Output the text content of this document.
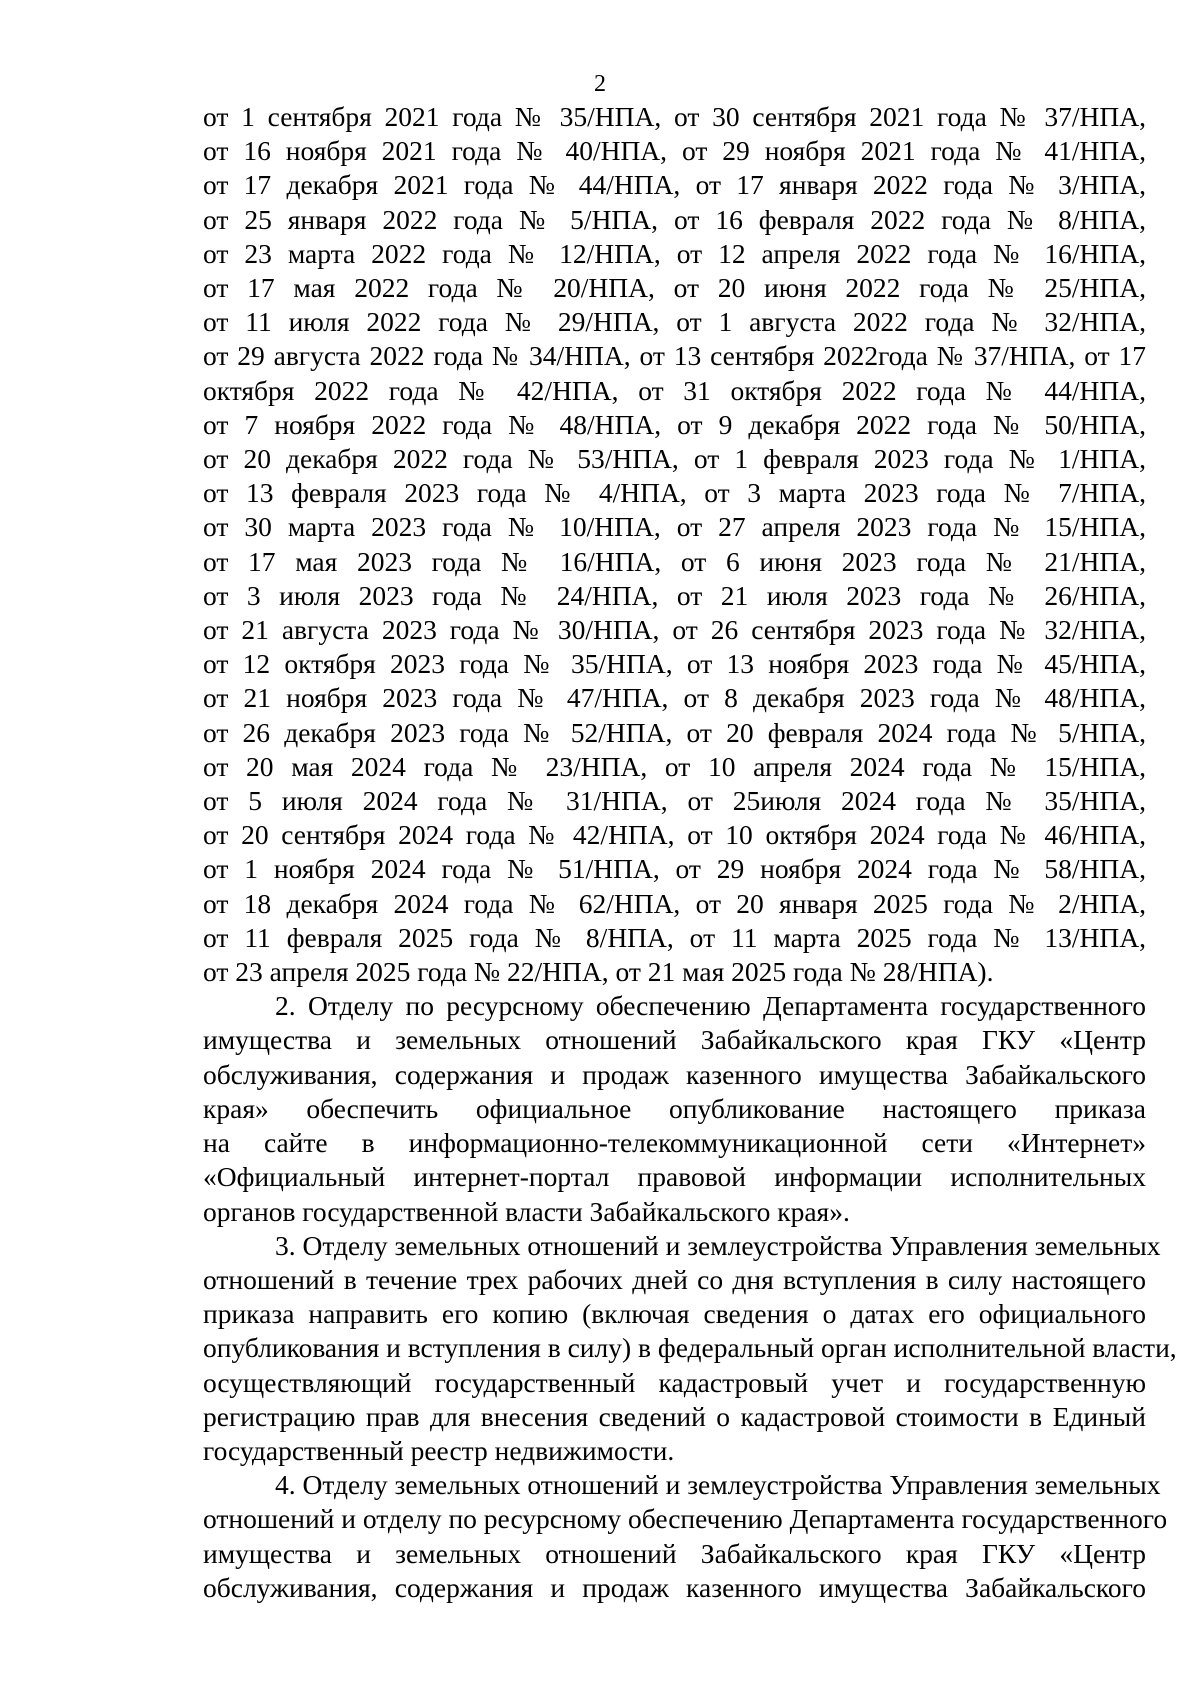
2
от 1 сентября 2021 года № 35/НПА, от 30 сентября 2021 года № 37/НПА,
от 16 ноября 2021 года № 40/НПА, от 29 ноября 2021 года № 41/НПА,
от 17 декабря 2021 года № 44/НПА, от 17 января 2022 года № 3/НПА,
от 25 января 2022 года № 5/НПА, от 16 февраля 2022 года № 8/НПА,
от 23 марта 2022 года № 12/НПА, от 12 апреля 2022 года № 16/НПА,
от 17 мая 2022 года № 20/НПА, от 20 июня 2022 года № 25/НПА,
от 11 июля 2022 года № 29/НПА, от 1 августа 2022 года № 32/НПА,
от 29 августа 2022 года № 34/НПА, от 13 сентября 2022года № 37/НПА, от 17
октября 2022 года № 42/НПА, от 31 октября 2022 года № 44/НПА,
от 7 ноября 2022 года № 48/НПА, от 9 декабря 2022 года № 50/НПА,
от 20 декабря 2022 года № 53/НПА, от 1 февраля 2023 года № 1/НПА,
от 13 февраля 2023 года № 4/НПА, от 3 марта 2023 года № 7/НПА,
от 30 марта 2023 года № 10/НПА, от 27 апреля 2023 года № 15/НПА,
от 17 мая 2023 года № 16/НПА, от 6 июня 2023 года № 21/НПА,
от 3 июля 2023 года № 24/НПА, от 21 июля 2023 года № 26/НПА,
от 21 августа 2023 года № 30/НПА, от 26 сентября 2023 года № 32/НПА,
от 12 октября 2023 года № 35/НПА, от 13 ноября 2023 года № 45/НПА,
от 21 ноября 2023 года № 47/НПА, от 8 декабря 2023 года № 48/НПА,
от 26 декабря 2023 года № 52/НПА, от 20 февраля 2024 года № 5/НПА,
от 20 мая 2024 года № 23/НПА, от 10 апреля 2024 года № 15/НПА,
от 5 июля 2024 года № 31/НПА, от 25июля 2024 года № 35/НПА,
от 20 сентября 2024 года № 42/НПА, от 10 октября 2024 года № 46/НПА,
от 1 ноября 2024 года № 51/НПА, от 29 ноября 2024 года № 58/НПА,
от 18 декабря 2024 года № 62/НПА, от 20 января 2025 года № 2/НПА,
от 11 февраля 2025 года № 8/НПА, от 11 марта 2025 года № 13/НПА,
от 23 апреля 2025 года № 22/НПА, от 21 мая 2025 года № 28/НПА).
2. Отделу по ресурсному обеспечению Департамента государственного
имущества и земельных отношений Забайкальского края ГКУ «Центр
обслуживания, содержания и продаж казенного имущества Забайкальского
края» обеспечить официальное опубликование настоящего приказа
на сайте в информационно-телекоммуникационной сети «Интернет»
«Официальный интернет-портал правовой информации исполнительных
органов государственной власти Забайкальского края».
3. Отделу земельных отношений и землеустройства Управления земельных
отношений в течение трех рабочих дней со дня вступления в силу настоящего
приказа направить его копию (включая сведения о датах его официального
опубликования и вступления в силу) в федеральный орган исполнительной власти,
осуществляющий государственный кадастровый учет и государственную
регистрацию прав для внесения сведений о кадастровой стоимости в Единый
государственный реестр недвижимости.
4. Отделу земельных отношений и землеустройства Управления земельных
отношений и отделу по ресурсному обеспечению Департамента государственного
имущества и земельных отношений Забайкальского края ГКУ «Центр
обслуживания, содержания и продаж казенного имущества Забайкальского
